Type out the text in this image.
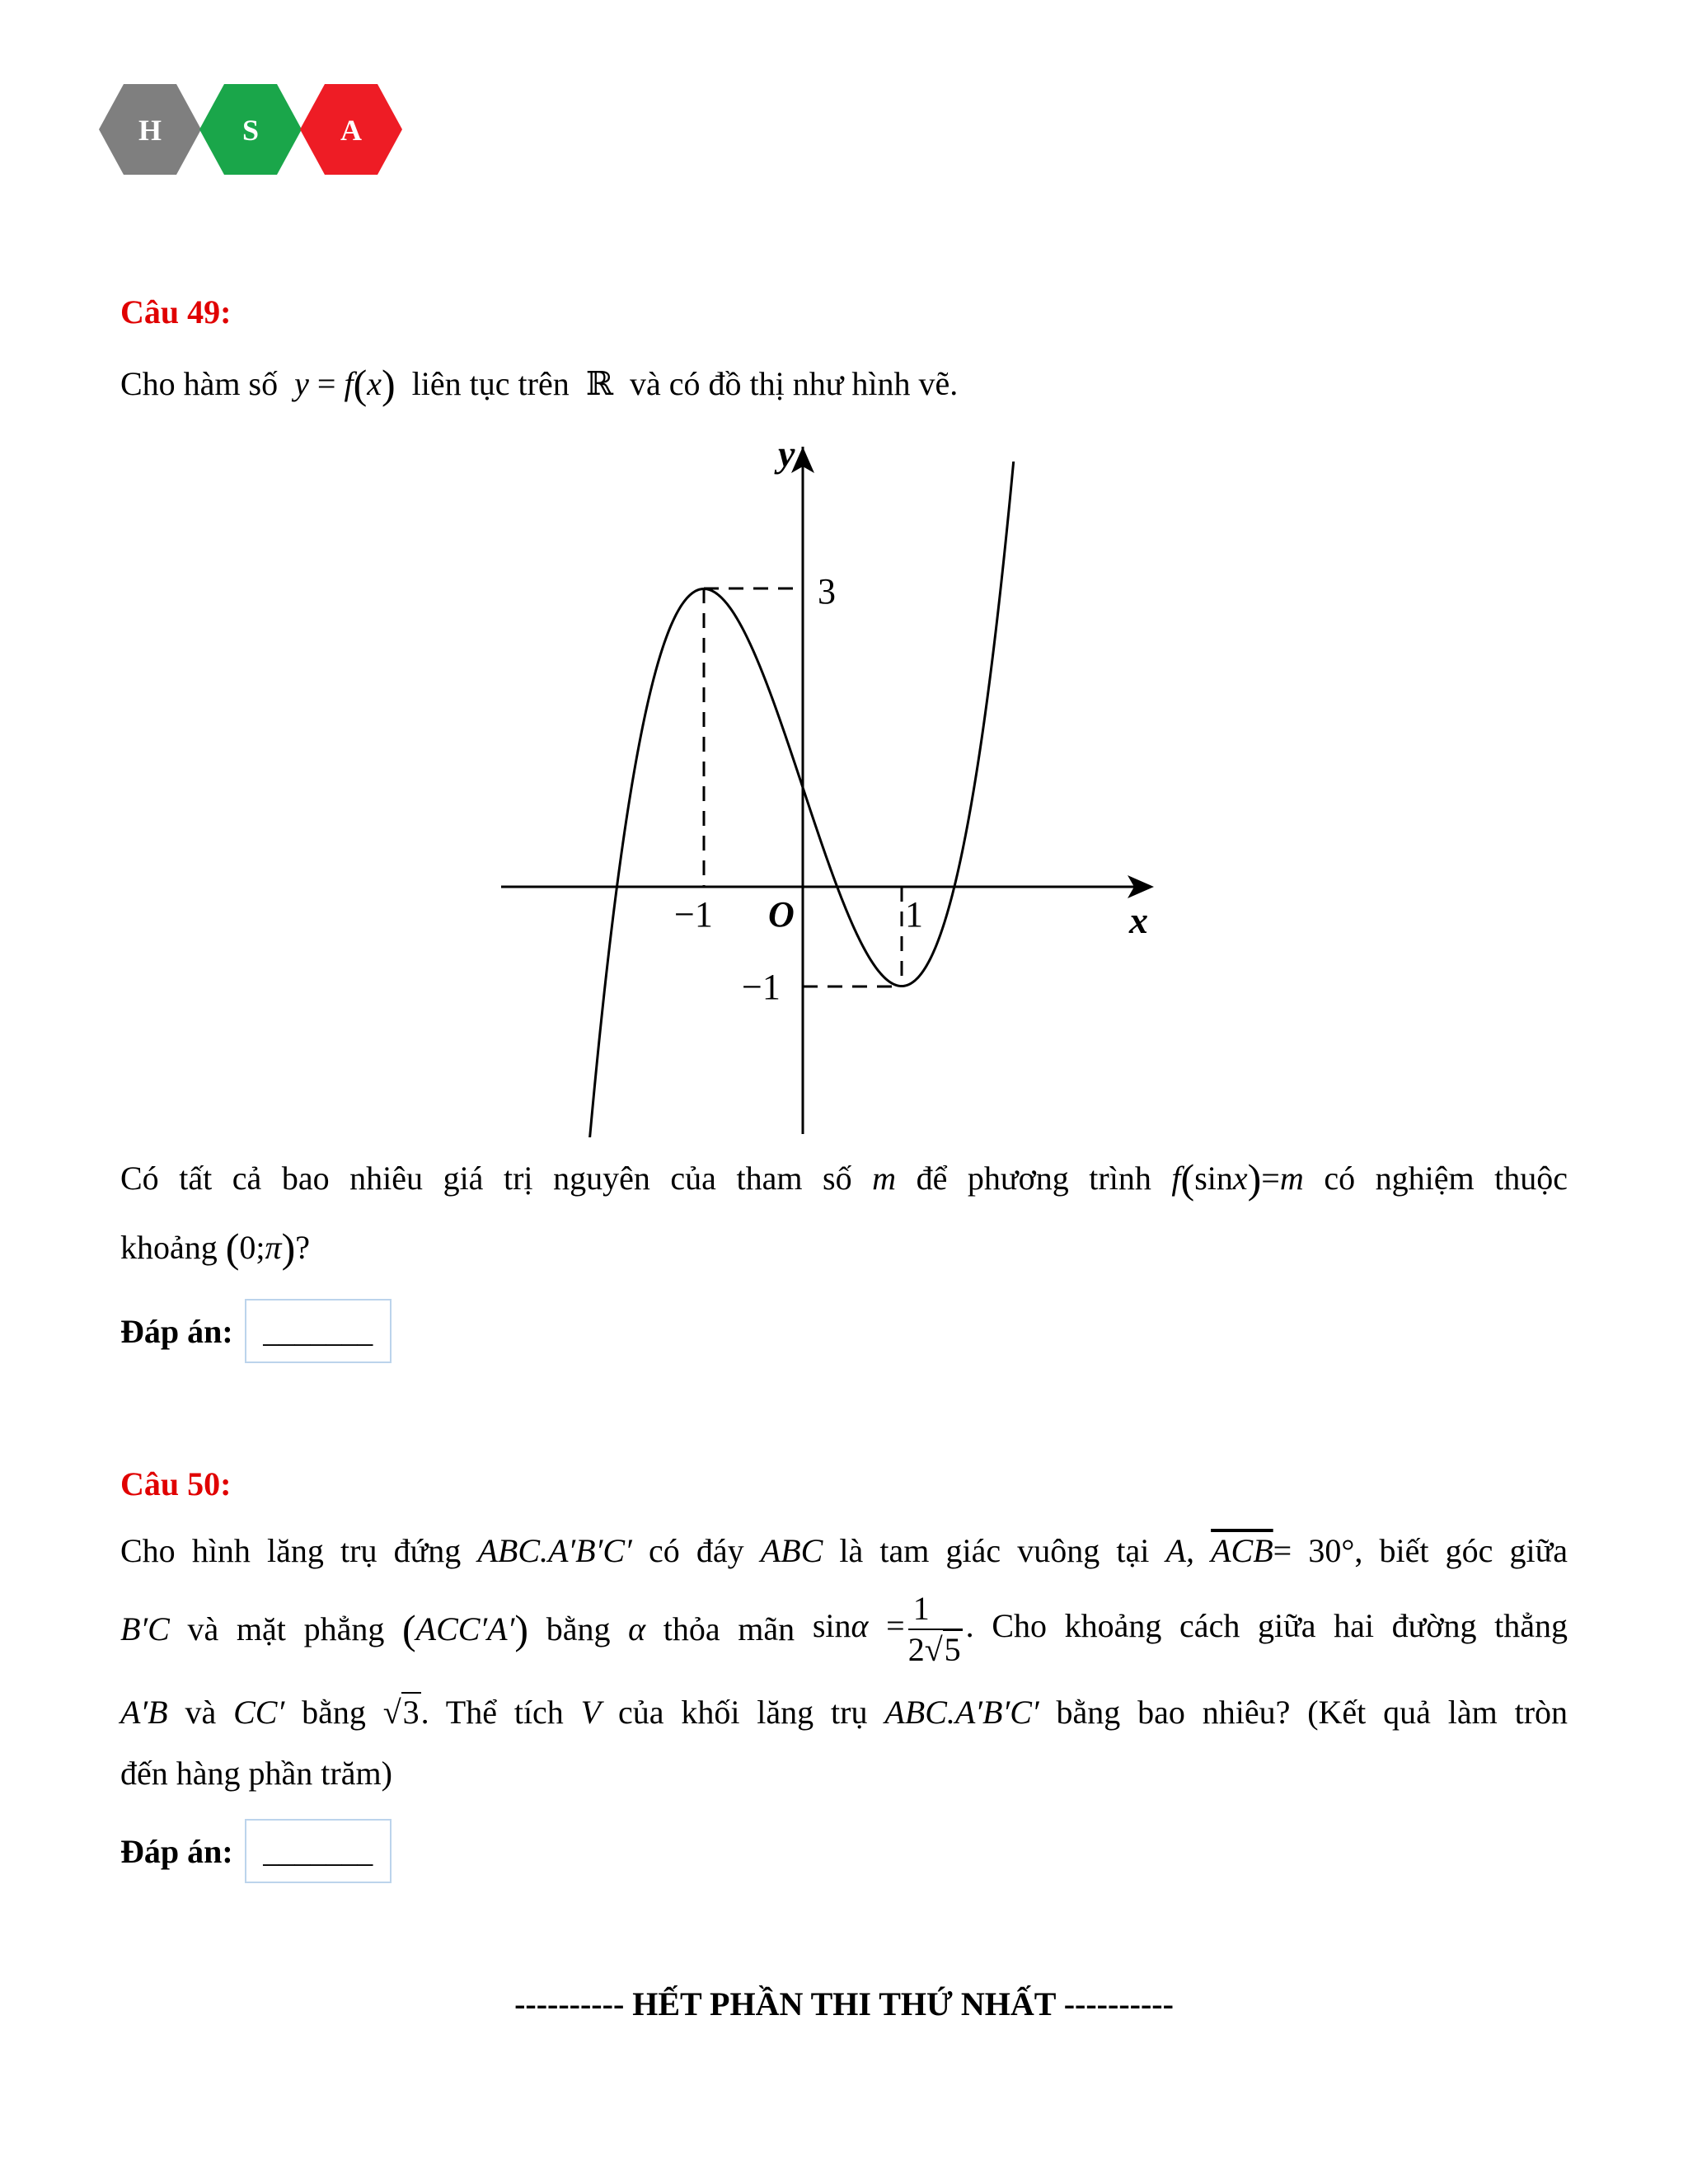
H	S	A
Câu 49:
Cho hàm số y = f(x) liên tục trên ℝ và có đồ thị như hình vẽ.
y
x
O
3
−1	1
−1
Có tất cả bao nhiêu giá trị nguyên của tham số m để phương trình f(sinx)=m có nghiệm thuộc
khoảng (0;π)?
Đáp án: _______
Câu 50:
Cho hình lăng trụ đứng ABC.A′B′C′ có đáy ABC là tam giác vuông tại A, $\overline{ACB}= 30^\circ$, biết góc giữa
B′C và mặt phẳng (ACC′A′) bằng α thỏa mãn $\sin\alpha = \frac{1}{2√5}$ . Cho khoảng cách giữa hai đường thẳng
A′B và CC′ bằng √3. Thể tích V của khối lăng trụ ABC.A′B′C′ bằng bao nhiêu? (Kết quả làm tròn
đến hàng phần trăm)
Đáp án: _______
---------- HẾT PHẦN THI THỨ NHẤT ----------
